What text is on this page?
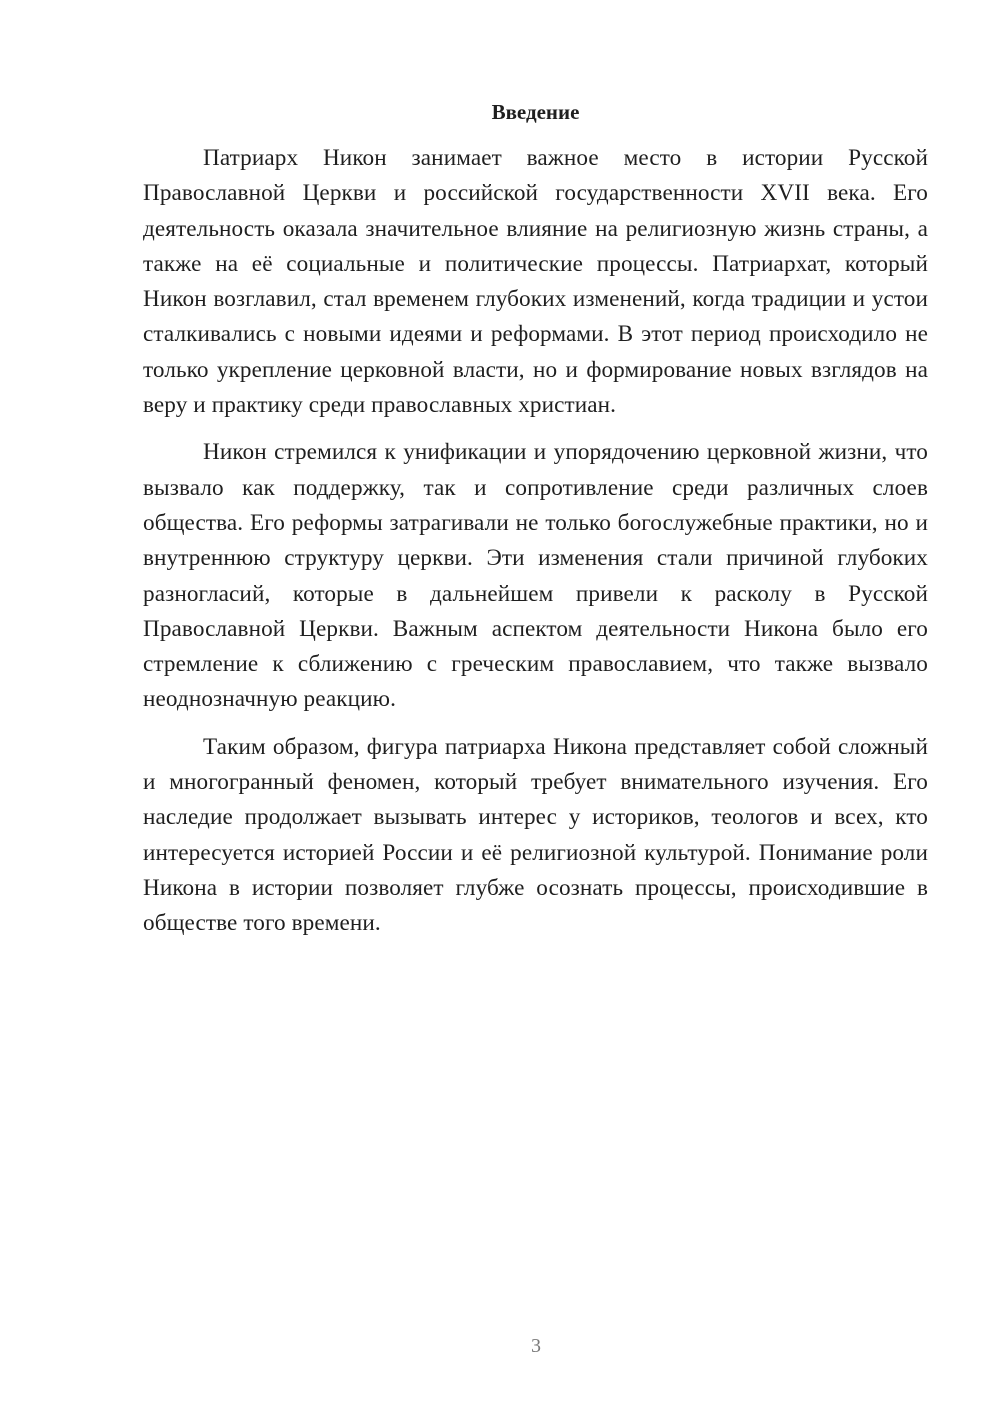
Введение

Патриарх Никон занимает важное место в истории Русской Православной Церкви и российской государственности XVII века. Его деятельность оказала значительное влияние на религиозную жизнь страны, а также на её социальные и политические процессы. Патриархат, который Никон возглавил, стал временем глубоких изменений, когда традиции и устои сталкивались с новыми идеями и реформами. В этот период происходило не только укрепление церковной власти, но и формирование новых взглядов на веру и практику среди православных христиан.

Никон стремился к унификации и упорядочению церковной жизни, что вызвало как поддержку, так и сопротивление среди различных слоев общества. Его реформы затрагивали не только богослужебные практики, но и внутреннюю структуру церкви. Эти изменения стали причиной глубоких разногласий, которые в дальнейшем привели к расколу в Русской Православной Церкви. Важным аспектом деятельности Никона было его стремление к сближению с греческим православием, что также вызвало неоднозначную реакцию.

Таким образом, фигура патриарха Никона представляет собой сложный и многогранный феномен, который требует внимательного изучения. Его наследие продолжает вызывать интерес у историков, теологов и всех, кто интересуется историей России и её религиозной культурой. Понимание роли Никона в истории позволяет глубже осознать процессы, происходившие в обществе того времени.

3
